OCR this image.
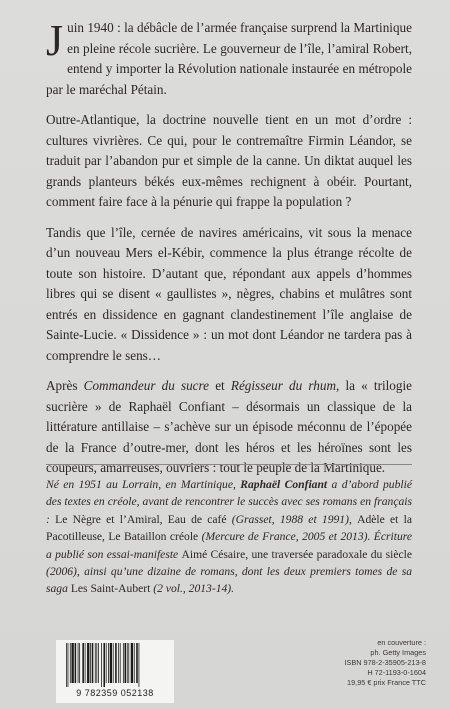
Juin 1940 : la débâcle de l’armée française surprend la Martinique en pleine récole sucrière. Le gouverneur de l’île, l’amiral Robert, entend y importer la Révolution nationale instaurée en métropole par le maréchal Pétain.

Outre-Atlantique, la doctrine nouvelle tient en un mot d’ordre : cultures vivrières. Ce qui, pour le contremaître Firmin Léandor, se traduit par l’abandon pur et simple de la canne. Un diktat auquel les grands planteurs békés eux-mêmes rechignent à obéir. Pourtant, comment faire face à la pénurie qui frappe la population ?

Tandis que l’île, cernée de navires américains, vit sous la menace d’un nouveau Mers el-Kébir, commence la plus étrange récolte de toute son histoire. D’autant que, répondant aux appels d’hommes libres qui se disent « gaullistes », nègres, chabins et mulâtres sont entrés en dissidence en gagnant clandestinement l’île anglaise de Sainte-Lucie. « Dissidence » : un mot dont Léandor ne tardera pas à comprendre le sens…

Après Commandeur du sucre et Régisseur du rhum, la « trilogie sucrière » de Raphaël Confiant – désormais un classique de la littérature antillaise – s’achève sur un épisode méconnu de l’épopée de la France d’outre-mer, dont les héros et les héroïnes sont les coupeurs, amarreuses, ouvriers : tout le peuple de la Martinique.

Né en 1951 au Lorrain, en Martinique, Raphaël Confiant a d’abord publié des textes en créole, avant de rencontrer le succès avec ses romans en français : Le Nègre et l’Amiral, Eau de café (Grasset, 1988 et 1991), Adèle et la Pacotilleuse, Le Bataillon créole (Mercure de France, 2005 et 2013). Écriture a publié son essai-manifeste Aimé Césaire, une traversée paradoxale du siècle (2006), ainsi qu’une dizaine de romans, dont les deux premiers tomes de sa saga Les Saint-Aubert (2 vol., 2013-14).
9 782359 052138
en couverture :
ph. Getty Images
ISBN 978-2-35905-213-8
H 72-1193-0-1604
19,95 € prix France TTC
